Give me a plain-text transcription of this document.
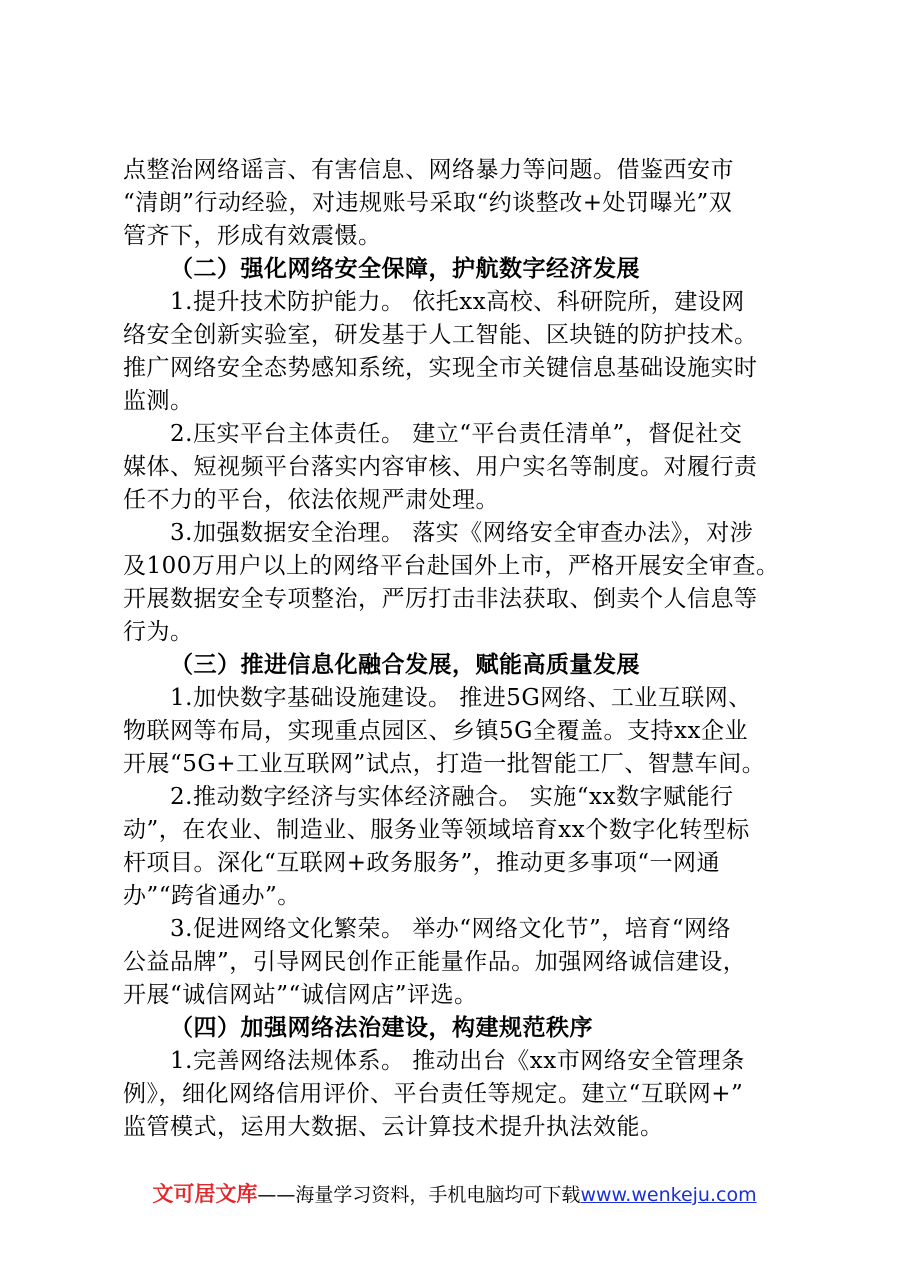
点整治网络谣言、有害信息、网络暴力等问题。借鉴西安市
“清朗”行动经验，对违规账号采取“约谈整改+处罚曝光”双
管齐下，形成有效震慑。
（二）强化网络安全保障，护航数字经济发展
1.提升技术防护能力。 依托xx高校、科研院所，建设网
络安全创新实验室，研发基于人工智能、区块链的防护技术。
推广网络安全态势感知系统，实现全市关键信息基础设施实时
监测。
2.压实平台主体责任。 建立“平台责任清单”，督促社交
媒体、短视频平台落实内容审核、用户实名等制度。对履行责
任不力的平台，依法依规严肃处理。
3.加强数据安全治理。 落实《网络安全审查办法》，对涉
及100万用户以上的网络平台赴国外上市，严格开展安全审查。
开展数据安全专项整治，严厉打击非法获取、倒卖个人信息等
行为。
（三）推进信息化融合发展，赋能高质量发展
1.加快数字基础设施建设。 推进5G网络、工业互联网、
物联网等布局，实现重点园区、乡镇5G全覆盖。支持xx企业
开展“5G+工业互联网”试点，打造一批智能工厂、智慧车间。
2.推动数字经济与实体经济融合。 实施“xx数字赋能行
动”，在农业、制造业、服务业等领域培育xx个数字化转型标
杆项目。深化“互联网+政务服务”，推动更多事项“一网通
办”“跨省通办”。
3.促进网络文化繁荣。 举办“网络文化节”，培育“网络
公益品牌”，引导网民创作正能量作品。加强网络诚信建设，
开展“诚信网站”“诚信网店”评选。
（四）加强网络法治建设，构建规范秩序
1.完善网络法规体系。 推动出台《xx市网络安全管理条
例》，细化网络信用评价、平台责任等规定。建立“互联网+”
监管模式，运用大数据、云计算技术提升执法效能。
文可居文库——海量学习资料，手机电脑均可下载www.wenkeju.com
